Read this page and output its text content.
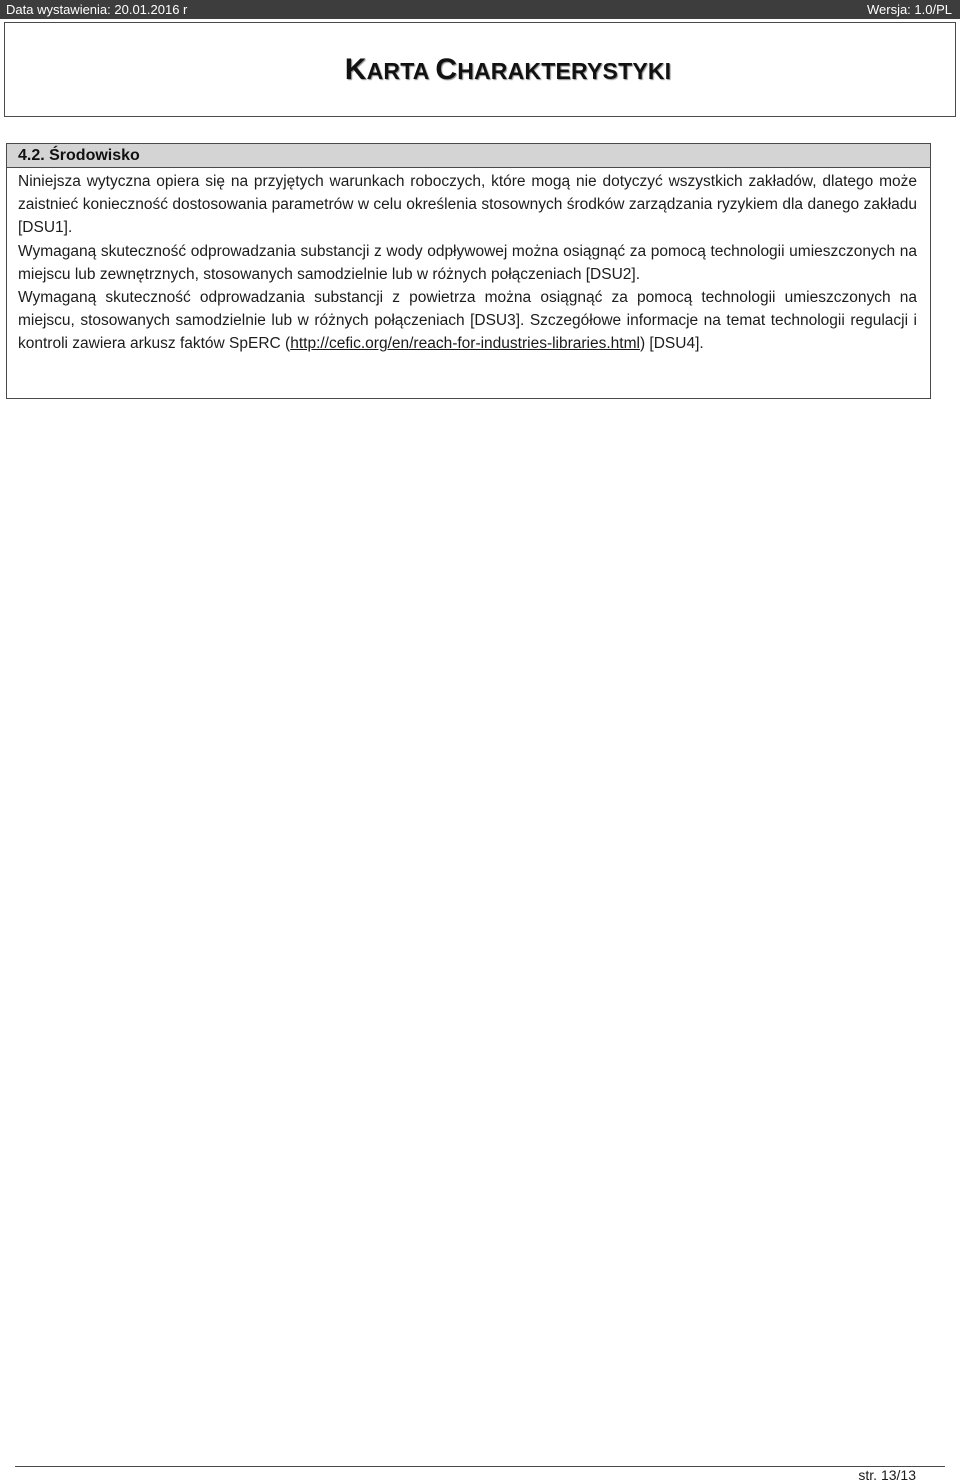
Data wystawienia: 20.01.2016 r	Wersja: 1.0/PL
KARTA CHARAKTERYSTYKI
4.2. Środowisko

Niniejsza wytyczna opiera się na przyjętych warunkach roboczych, które mogą nie dotyczyć wszystkich zakładów, dlatego może zaistnieć konieczność dostosowania parametrów w celu określenia stosownych środków zarządzania ryzykiem dla danego zakładu [DSU1].

Wymaganą skuteczność odprowadzania substancji z wody odpływowej można osiągnąć za pomocą technologii umieszczonych na miejscu lub zewnętrznych, stosowanych samodzielnie lub w różnych połączeniach [DSU2].

Wymaganą skuteczność odprowadzania substancji z powietrza można osiągnąć za pomocą technologii umieszczonych na miejscu, stosowanych samodzielnie lub w różnych połączeniach [DSU3]. Szczegółowe informacje na temat technologii regulacji i kontroli zawiera arkusz faktów SpERC (http://cefic.org/en/reach-for-industries-libraries.html) [DSU4].

str. 13/13
